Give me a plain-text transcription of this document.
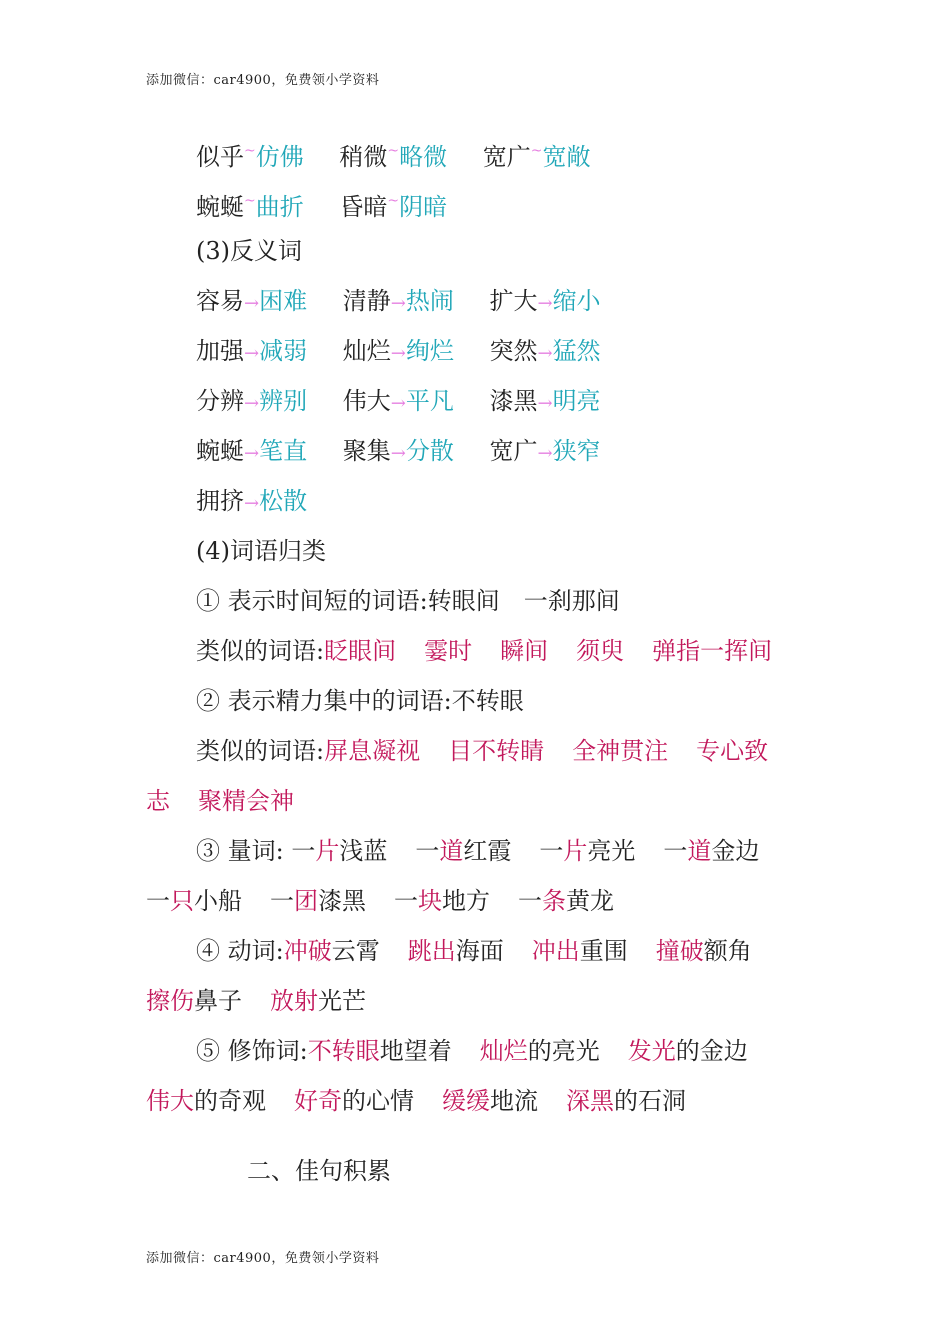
添加微信：car4900，免费领小学资料
似乎~仿佛 稍微~略微 宽广~宽敞
蜿蜒~曲折 昏暗~阴暗
(3)反义词
容易→困难 清静→热闹 扩大→缩小
加强→减弱 灿烂→绚烂 突然→猛然
分辨→辨别 伟大→平凡 漆黑→明亮
蜿蜒→笔直 聚集→分散 宽广→狭窄
拥挤→松散
(4)词语归类
① 表示时间短的词语:转眼间　一刹那间
类似的词语:眨眼间 霎时 瞬间 须臾 弹指一挥间
② 表示精力集中的词语:不转眼
类似的词语:屏息凝视 目不转睛 全神贯注 专心致
志 聚精会神
③ 量词: 一片浅蓝 一道红霞 一片亮光 一道金边
一只小船 一团漆黑 一块地方 一条黄龙
④ 动词:冲破云霄 跳出海面 冲出重围 撞破额角
擦伤鼻子 放射光芒
⑤ 修饰词:不转眼地望着 灿烂的亮光 发光的金边
伟大的奇观 好奇的心情 缓缓地流 深黑的石洞
二、佳句积累
添加微信：car4900，免费领小学资料
